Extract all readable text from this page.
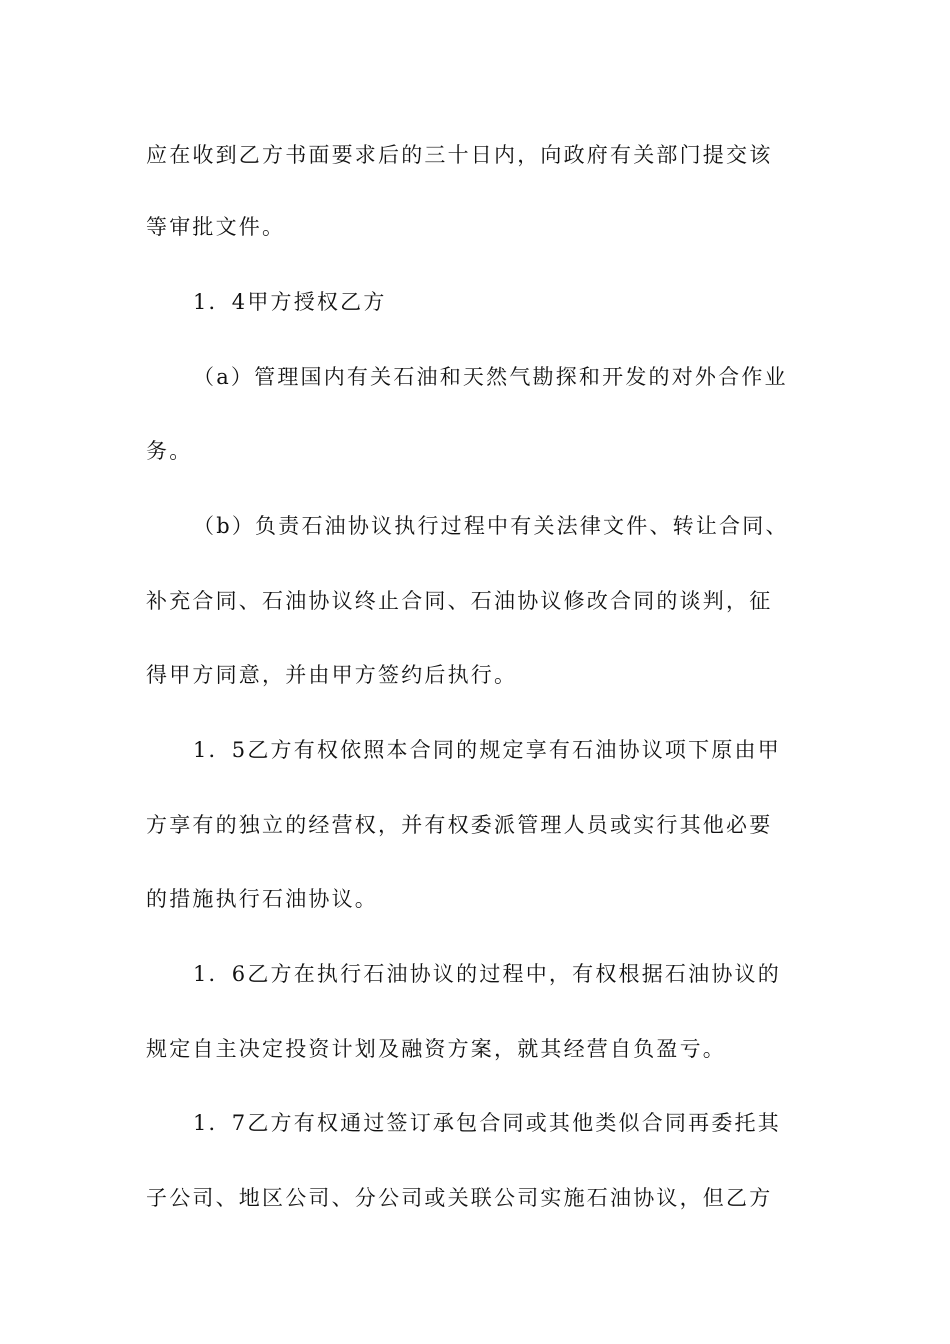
应在收到乙方书面要求后的三十日内，向政府有关部门提交该
等审批文件。
1．4甲方授权乙方
（a）管理国内有关石油和天然气勘探和开发的对外合作业
务。
（b）负责石油协议执行过程中有关法律文件、转让合同、
补充合同、石油协议终止合同、石油协议修改合同的谈判，征
得甲方同意，并由甲方签约后执行。
1．5乙方有权依照本合同的规定享有石油协议项下原由甲
方享有的独立的经营权，并有权委派管理人员或实行其他必要
的措施执行石油协议。
1．6乙方在执行石油协议的过程中，有权根据石油协议的
规定自主决定投资计划及融资方案，就其经营自负盈亏。
1．7乙方有权通过签订承包合同或其他类似合同再委托其
子公司、地区公司、分公司或关联公司实施石油协议，但乙方
